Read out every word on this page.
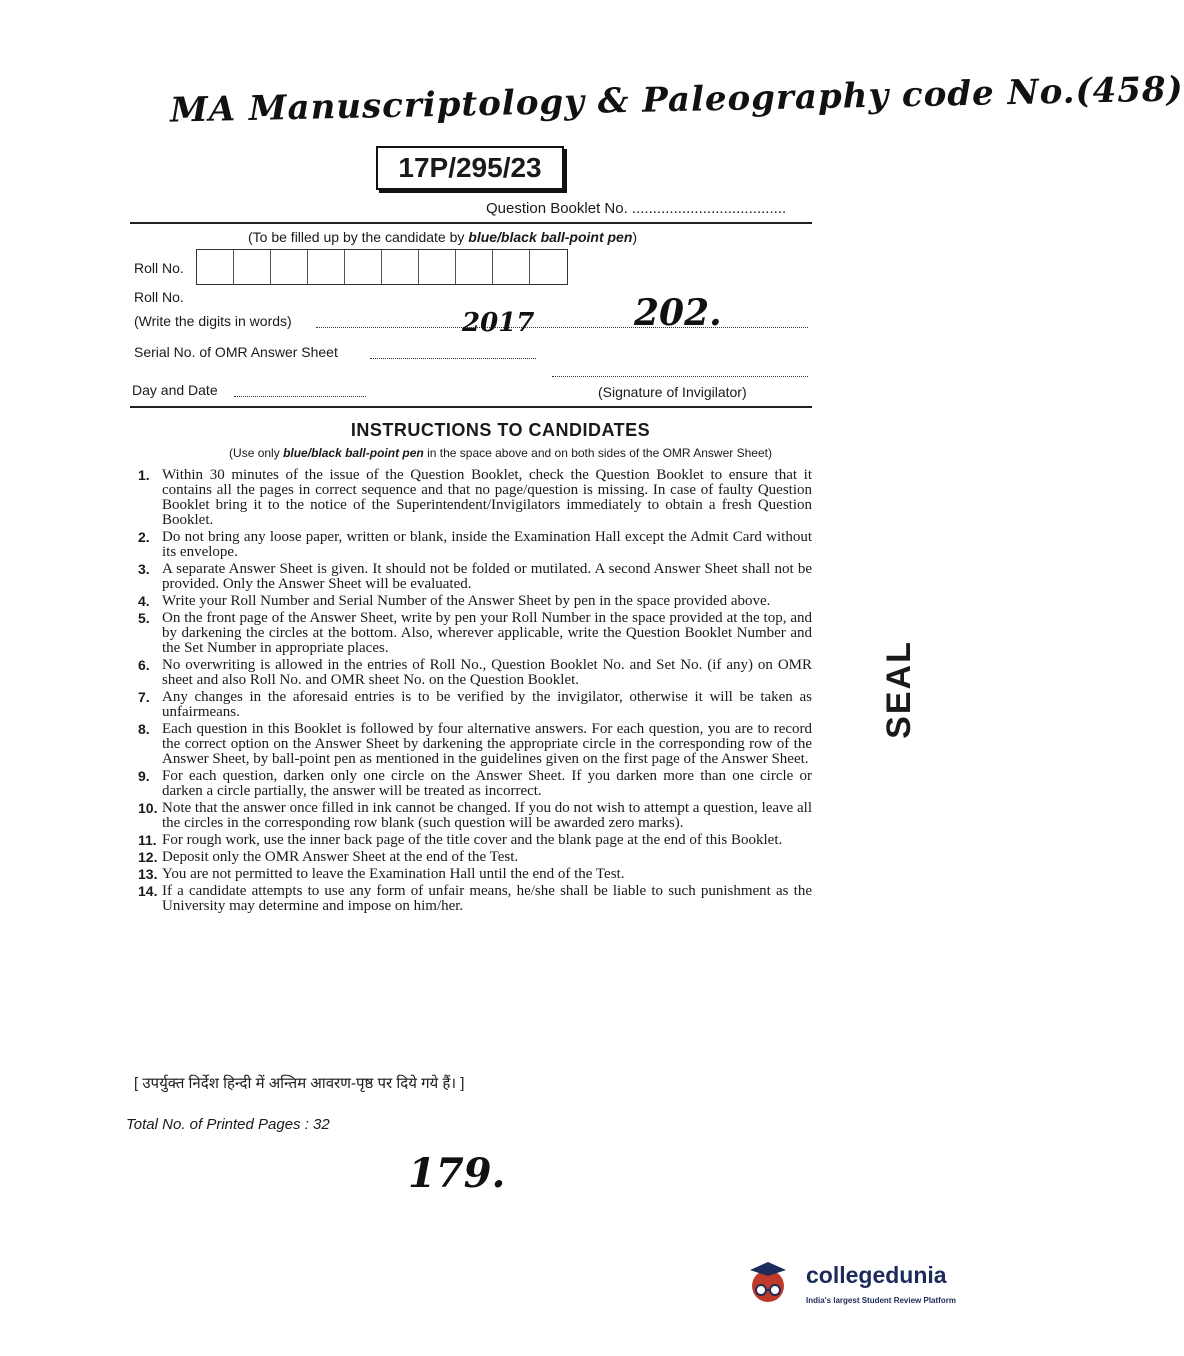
MA Manuscriptology & Paleography code No.(458)
17P/295/23
Question Booklet No. .....................................
(To be filled up by the candidate by blue/black ball-point pen)
Roll No.
Roll No.
(Write the digits in words)	2017	202.
Serial No. of OMR Answer Sheet
Day and Date	(Signature of Invigilator)
INSTRUCTIONS TO CANDIDATES
(Use only blue/black ball-point pen in the space above and on both sides of the OMR Answer Sheet)
1. Within 30 minutes of the issue of the Question Booklet, check the Question Booklet to ensure that it contains all the pages in correct sequence and that no page/question is missing. In case of faulty Question Booklet bring it to the notice of the Superintendent/Invigilators immediately to obtain a fresh Question Booklet.
2. Do not bring any loose paper, written or blank, inside the Examination Hall except the Admit Card without its envelope.
3. A separate Answer Sheet is given. It should not be folded or mutilated. A second Answer Sheet shall not be provided. Only the Answer Sheet will be evaluated.
4. Write your Roll Number and Serial Number of the Answer Sheet by pen in the space provided above.
5. On the front page of the Answer Sheet, write by pen your Roll Number in the space provided at the top, and by darkening the circles at the bottom. Also, wherever applicable, write the Question Booklet Number and the Set Number in appropriate places.
6. No overwriting is allowed in the entries of Roll No., Question Booklet No. and Set No. (if any) on OMR sheet and also Roll No. and OMR sheet No. on the Question Booklet.
7. Any changes in the aforesaid entries is to be verified by the invigilator, otherwise it will be taken as unfairmeans.
8. Each question in this Booklet is followed by four alternative answers. For each question, you are to record the correct option on the Answer Sheet by darkening the appropriate circle in the corresponding row of the Answer Sheet, by ball-point pen as mentioned in the guidelines given on the first page of the Answer Sheet.
9. For each question, darken only one circle on the Answer Sheet. If you darken more than one circle or darken a circle partially, the answer will be treated as incorrect.
10. Note that the answer once filled in ink cannot be changed. If you do not wish to attempt a question, leave all the circles in the corresponding row blank (such question will be awarded zero marks).
11. For rough work, use the inner back page of the title cover and the blank page at the end of this Booklet.
12. Deposit only the OMR Answer Sheet at the end of the Test.
13. You are not permitted to leave the Examination Hall until the end of the Test.
14. If a candidate attempts to use any form of unfair means, he/she shall be liable to such punishment as the University may determine and impose on him/her.
[ उपर्युक्त निर्देश हिन्दी में अन्तिम आवरण-पृष्ठ पर दिये गये हैं। ]
SEAL
Total No. of Printed Pages : 32
179.
collegedunia
India's largest Student Review Platform
